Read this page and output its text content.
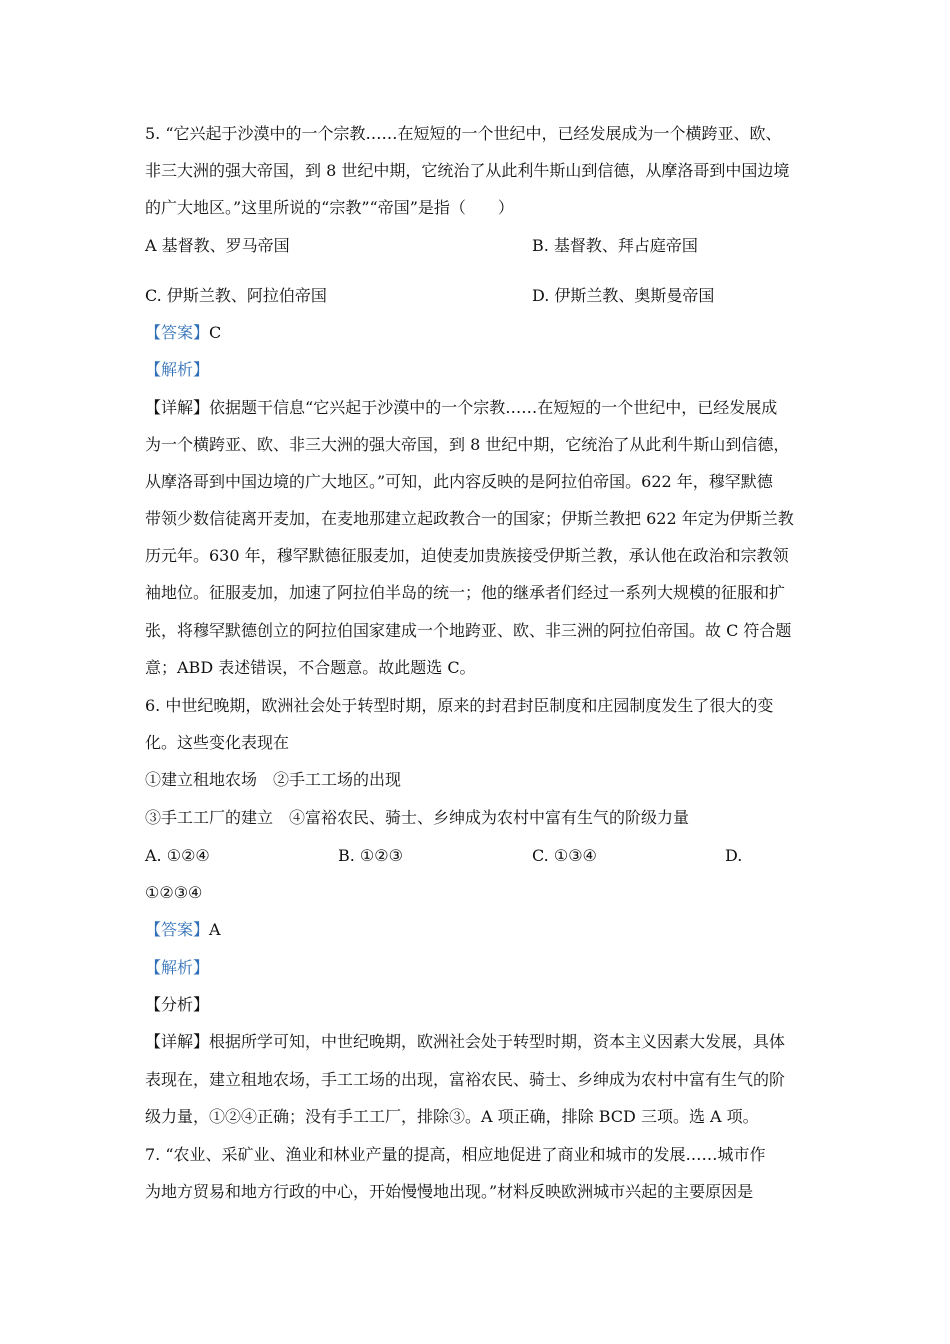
5. “它兴起于沙漠中的一个宗教……在短短的一个世纪中，已经发展成为一个横跨亚、欧、
非三大洲的强大帝国，到 8 世纪中期，它统治了从此利牛斯山到信德，从摩洛哥到中国边境
的广大地区。”这里所说的“宗教”“帝国”是指（　　）
A 基督教、罗马帝国	B. 基督教、拜占庭帝国
C. 伊斯兰教、阿拉伯帝国	D. 伊斯兰教、奥斯曼帝国
【答案】C
【解析】
【详解】依据题干信息“它兴起于沙漠中的一个宗教……在短短的一个世纪中，已经发展成
为一个横跨亚、欧、非三大洲的强大帝国，到 8 世纪中期，它统治了从此利牛斯山到信德，
从摩洛哥到中国边境的广大地区。”可知，此内容反映的是阿拉伯帝国。622 年，穆罕默德
带领少数信徒离开麦加，在麦地那建立起政教合一的国家；伊斯兰教把 622 年定为伊斯兰教
历元年。630 年，穆罕默德征服麦加，迫使麦加贵族接受伊斯兰教，承认他在政治和宗教领
袖地位。征服麦加，加速了阿拉伯半岛的统一；他的继承者们经过一系列大规模的征服和扩
张，将穆罕默德创立的阿拉伯国家建成一个地跨亚、欧、非三洲的阿拉伯帝国。故 C 符合题
意；ABD 表述错误，不合题意。故此题选 C。
6. 中世纪晚期，欧洲社会处于转型时期，原来的封君封臣制度和庄园制度发生了很大的变
化。这些变化表现在
①建立租地农场　②手工工场的出现
③手工工厂的建立　④富裕农民、骑士、乡绅成为农村中富有生气的阶级力量
A. ①②④	B. ①②③	C. ①③④	D.
①②③④
【答案】A
【解析】
【分析】
【详解】根据所学可知，中世纪晚期，欧洲社会处于转型时期，资本主义因素大发展，具体
表现在，建立租地农场，手工工场的出现，富裕农民、骑士、乡绅成为农村中富有生气的阶
级力量，①②④正确；没有手工工厂，排除③。A 项正确，排除 BCD 三项。选 A 项。
7. “农业、采矿业、渔业和林业产量的提高，相应地促进了商业和城市的发展……城市作
为地方贸易和地方行政的中心，开始慢慢地出现。”材料反映欧洲城市兴起的主要原因是
